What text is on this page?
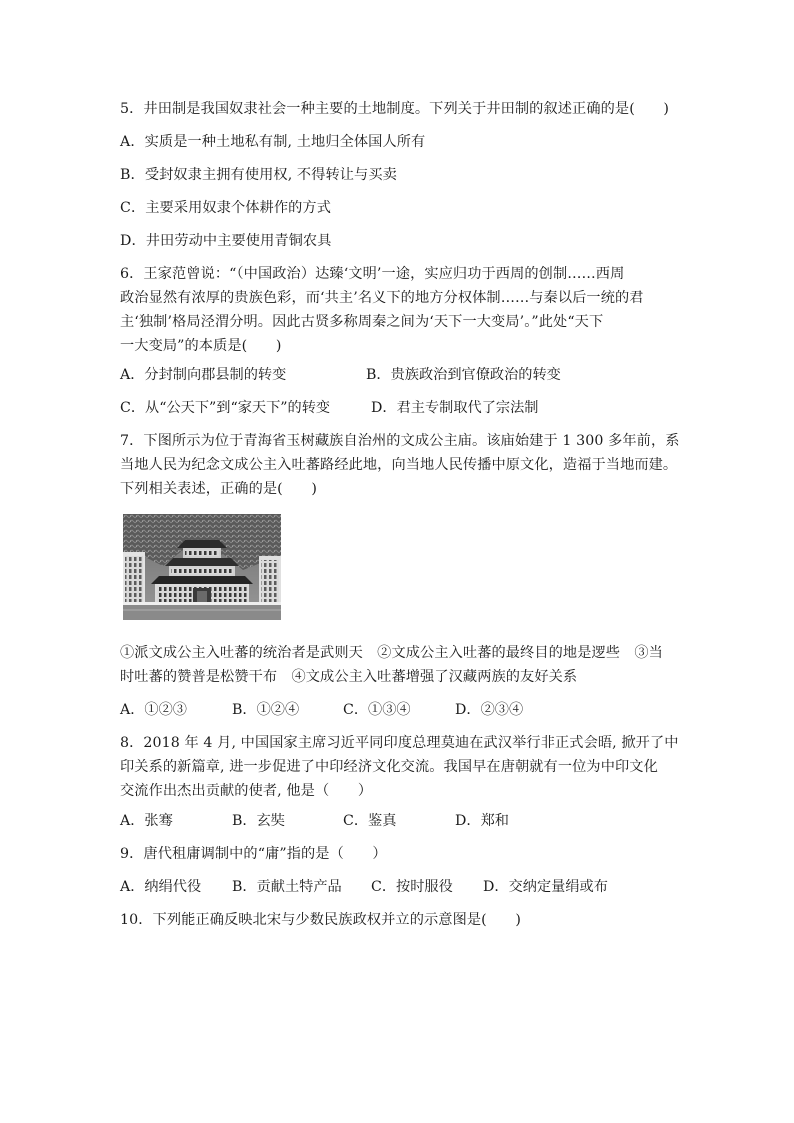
5．井田制是我国奴隶社会一种主要的土地制度。下列关于井田制的叙述正确的是(　　)
A．实质是一种土地私有制, 土地归全体国人所有
B．受封奴隶主拥有使用权, 不得转让与买卖
C．主要采用奴隶个体耕作的方式
D．井田劳动中主要使用青铜农具
6．王家范曾说：“（中国政治）达臻‘文明’一途，实应归功于西周的创制……西周
政治显然有浓厚的贵族色彩，而‘共主’名义下的地方分权体制……与秦以后一统的君
主‘独制’格局泾渭分明。因此古贤多称周秦之间为‘天下一大变局’。”此处“天下
一大变局”的本质是(　　)
A．分封制向郡县制的转变	B．贵族政治到官僚政治的转变
C．从“公天下”到“家天下”的转变	D．君主专制取代了宗法制
7．下图所示为位于青海省玉树藏族自治州的文成公主庙。该庙始建于 1 300 多年前，系
当地人民为纪念文成公主入吐蕃路经此地，向当地人民传播中原文化，造福于当地而建。
下列相关表述，正确的是(　　)
①派文成公主入吐蕃的统治者是武则天　②文成公主入吐蕃的最终目的地是逻些　③当
时吐蕃的赞普是松赞干布　④文成公主入吐蕃增强了汉藏两族的友好关系
A．①②③	B．①②④	C．①③④	D．②③④
8．2018 年 4 月, 中国国家主席习近平同印度总理莫迪在武汉举行非正式会晤, 掀开了中
印关系的新篇章, 进一步促进了中印经济文化交流。我国早在唐朝就有一位为中印文化
交流作出杰出贡献的使者, 他是（　　）
A．张骞	B．玄奘	C．鉴真	D．郑和
9．唐代租庸调制中的“庸”指的是（　　）
A．纳绢代役 B．贡献土特产品 C．按时服役 D．交纳定量绢或布
10．下列能正确反映北宋与少数民族政权并立的示意图是(　　)
